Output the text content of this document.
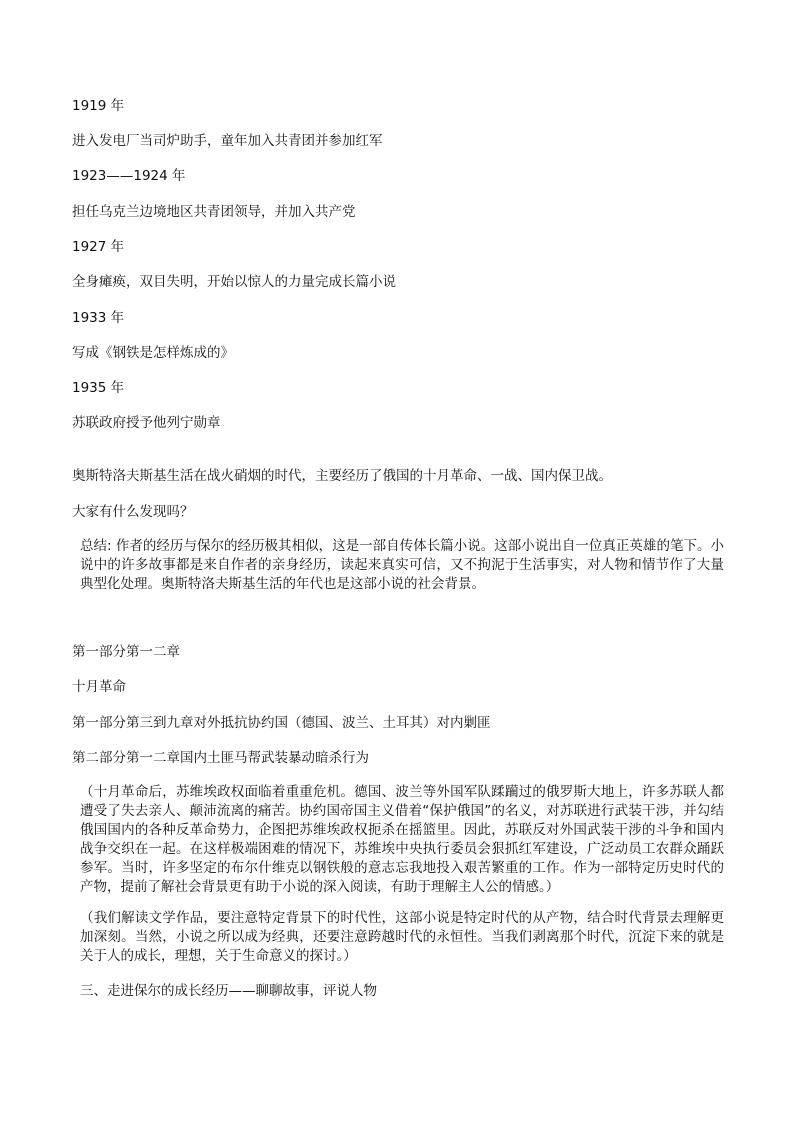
1919 年

进入发电厂当司炉助手，童年加入共青团并参加红军

1923——1924 年

担任乌克兰边境地区共青团领导，并加入共产党

1927 年

全身瘫痪，双目失明，开始以惊人的力量完成长篇小说

1933 年

写成《钢铁是怎样炼成的》

1935 年

苏联政府授予他列宁勋章

奥斯特洛夫斯基生活在战火硝烟的时代，主要经历了俄国的十月革命、一战、国内保卫战。

大家有什么发现吗？

总结: 作者的经历与保尔的经历极其相似，这是一部自传体长篇小说。这部小说出自一位真正英雄的笔下。小说中的许多故事都是来自作者的亲身经历，读起来真实可信，又不拘泥于生活事实，对人物和情节作了大量典型化处理。奥斯特洛夫斯基生活的年代也是这部小说的社会背景。

第一部分第一二章

十月革命

第一部分第三到九章对外抵抗协约国（德国、波兰、土耳其）对内剿匪

第二部分第一二章国内土匪马帮武装暴动暗杀行为

（十月革命后，苏维埃政权面临着重重危机。德国、波兰等外国军队蹂躏过的俄罗斯大地上，许多苏联人都遭受了失去亲人、颠沛流离的痛苦。协约国帝国主义借着“保护俄国”的名义，对苏联进行武装干涉，并勾结俄国国内的各种反革命势力，企图把苏维埃政权扼杀在摇篮里。因此，苏联反对外国武装干涉的斗争和国内战争交织在一起。在这样极端困难的情况下，苏维埃中央执行委员会狠抓红军建设，广泛动员工农群众踊跃参军。当时，许多坚定的布尔什维克以钢铁般的意志忘我地投入艰苦繁重的工作。作为一部特定历史时代的产物，提前了解社会背景更有助于小说的深入阅读，有助于理解主人公的情感。）

（我们解读文学作品，要注意特定背景下的时代性，这部小说是特定时代的从产物，结合时代背景去理解更加深刻。当然，小说之所以成为经典，还要注意跨越时代的永恒性。当我们剥离那个时代，沉淀下来的就是关于人的成长，理想，关于生命意义的探讨。）

三、走进保尔的成长经历——聊聊故事，评说人物
